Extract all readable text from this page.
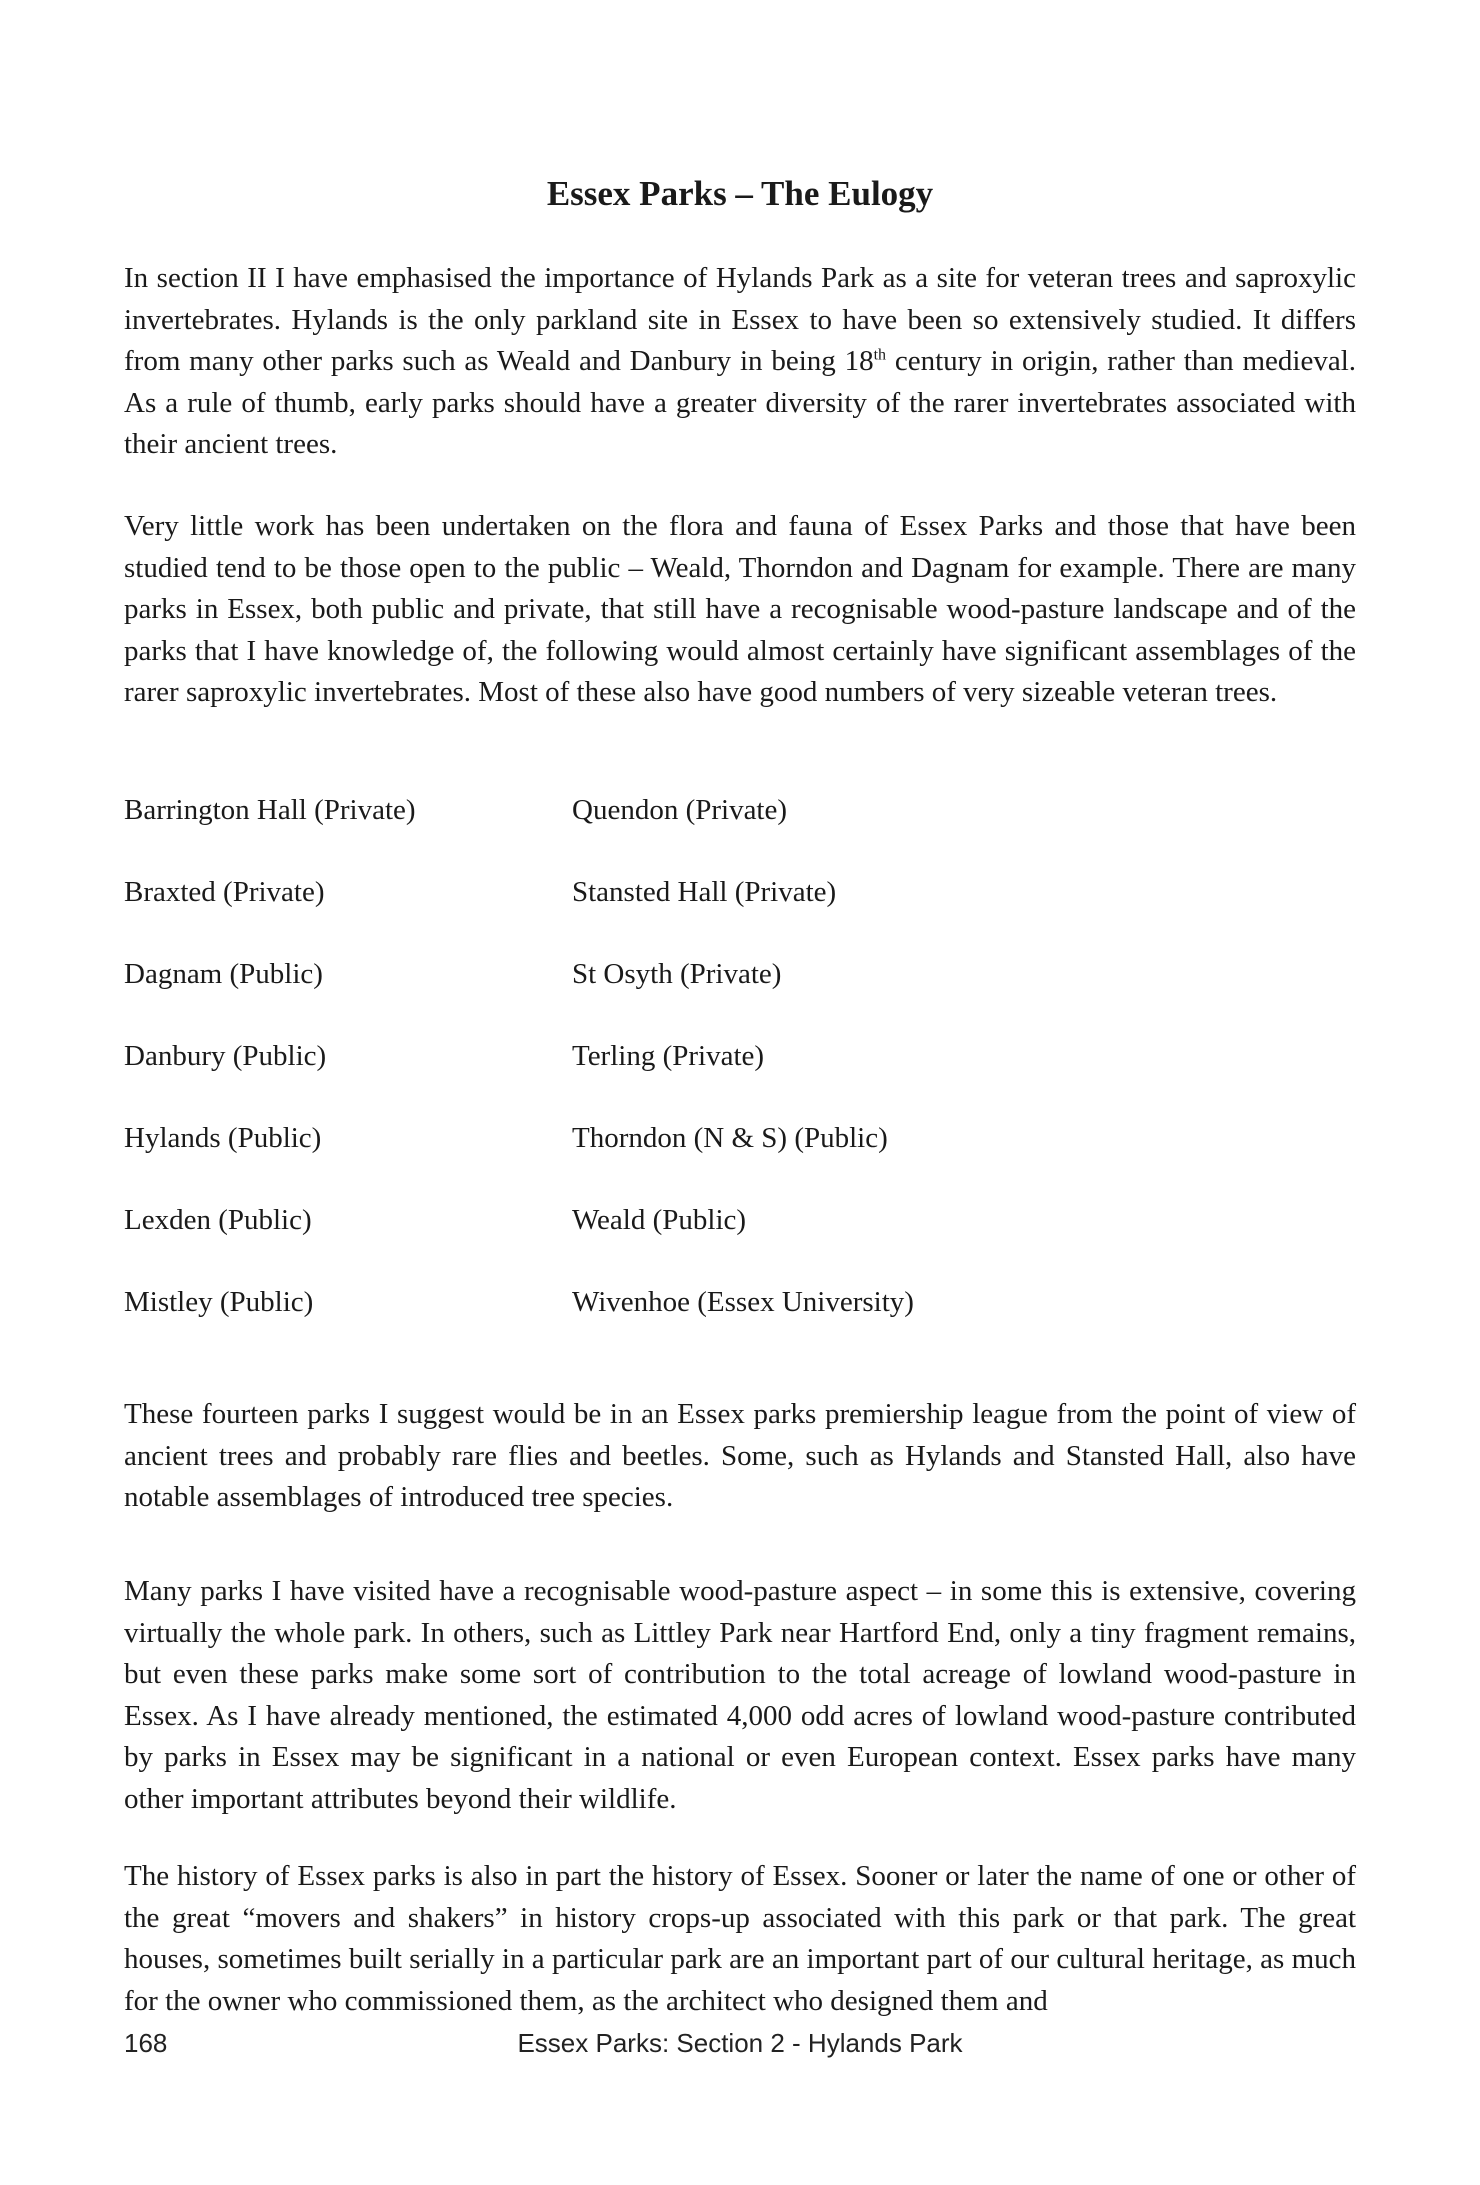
Essex Parks – The Eulogy

In section II I have emphasised the importance of Hylands Park as a site for veteran trees and saproxylic invertebrates. Hylands is the only parkland site in Essex to have been so extensively studied. It differs from many other parks such as Weald and Danbury in being 18th century in origin, rather than medieval. As a rule of thumb, early parks should have a greater diversity of the rarer invertebrates associated with their ancient trees.

Very little work has been undertaken on the flora and fauna of Essex Parks and those that have been studied tend to be those open to the public – Weald, Thorndon and Dagnam for example. There are many parks in Essex, both public and private, that still have a recognisable wood-pasture landscape and of the parks that I have knowledge of, the following would almost certainly have significant assemblages of the rarer saproxylic invertebrates. Most of these also have good numbers of very sizeable veteran trees.

Barrington Hall (Private)	Quendon (Private)
Braxted (Private)	Stansted Hall (Private)
Dagnam (Public)	St Osyth (Private)
Danbury (Public)	Terling (Private)
Hylands (Public)	Thorndon (N & S) (Public)
Lexden (Public)	Weald (Public)
Mistley (Public)	Wivenhoe (Essex University)

These fourteen parks I suggest would be in an Essex parks premiership league from the point of view of ancient trees and probably rare flies and beetles. Some, such as Hylands and Stansted Hall, also have notable assemblages of introduced tree species.

Many parks I have visited have a recognisable wood-pasture aspect – in some this is extensive, covering virtually the whole park. In others, such as Littley Park near Hartford End, only a tiny fragment remains, but even these parks make some sort of contribution to the total acreage of lowland wood-pasture in Essex. As I have already mentioned, the estimated 4,000 odd acres of lowland wood-pasture contributed by parks in Essex may be significant in a national or even European context. Essex parks have many other important attributes beyond their wildlife.

The history of Essex parks is also in part the history of Essex. Sooner or later the name of one or other of the great “movers and shakers” in history crops-up associated with this park or that park. The great houses, sometimes built serially in a particular park are an important part of our cultural heritage, as much for the owner who commissioned them, as the architect who designed them and

168	Essex Parks: Section 2 - Hylands Park
